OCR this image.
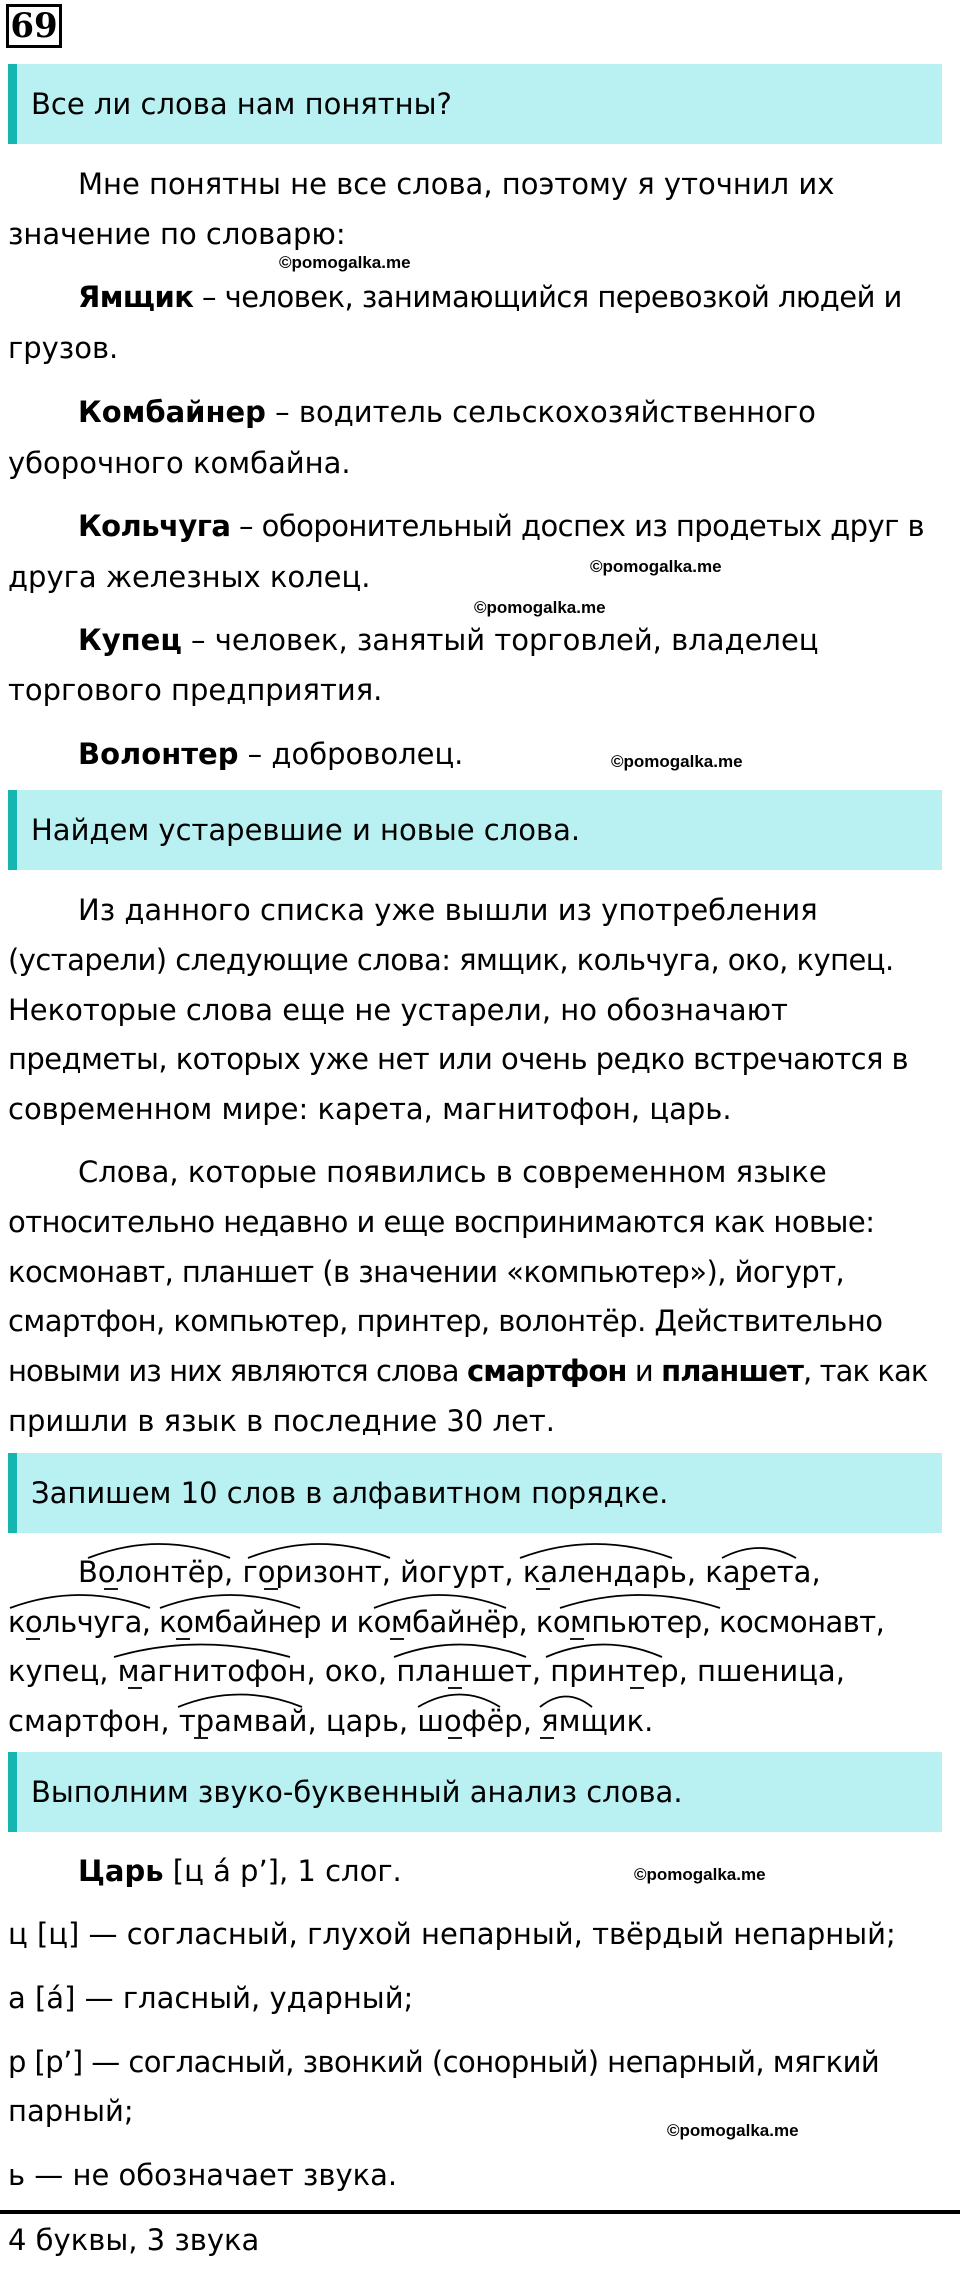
69
Все ли слова нам понятны?
Мне понятны не все слова, поэтому я уточнил их
значение по словарю:
©pomogalka.me
Ямщик – человек, занимающийся перевозкой людей и
грузов.
Комбайнер – водитель сельскохозяйственного
уборочного комбайна.
Кольчуга – оборонительный доспех из продетых друг в
друга железных колец.	©pomogalka.me
©pomogalka.me
Купец – человек, занятый торговлей, владелец
торгового предприятия.
Волонтер – доброволец.	©pomogalka.me
Найдем устаревшие и новые слова.
Из данного списка уже вышли из употребления
(устарели) следующие слова: ямщик, кольчуга, око, купец.
Некоторые слова еще не устарели, но обозначают
предметы, которых уже нет или очень редко встречаются в
современном мире: карета, магнитофон, царь.
Слова, которые появились в современном языке
относительно недавно и еще воспринимаются как новые:
космонавт, планшет (в значении «компьютер»), йогурт,
смартфон, компьютер, принтер, волонтёр. Действительно
новыми из них являются слова смартфон и планшет, так как
пришли в язык в последние 30 лет.
Запишем 10 слов в алфавитном порядке.
Волонтёр, горизонт, йогурт, календарь, карета,
кольчуга, комбайнер и комбайнёр, компьютер, космонавт,
купец, магнитофон, око, планшет, принтер, пшеница,
смартфон, трамвай, царь, шофёр, ямщик.
Выполним звуко-буквенный анализ слова.
Царь [ц а́ р’], 1 слог.	©pomogalka.me
ц [ц] — согласный, глухой непарный, твёрдый непарный;
а [а́] — гласный, ударный;
р [р’] — согласный, звонкий (сонорный) непарный, мягкий
парный;
©pomogalka.me
ь — не обозначает звука.
4 буквы, 3 звука
